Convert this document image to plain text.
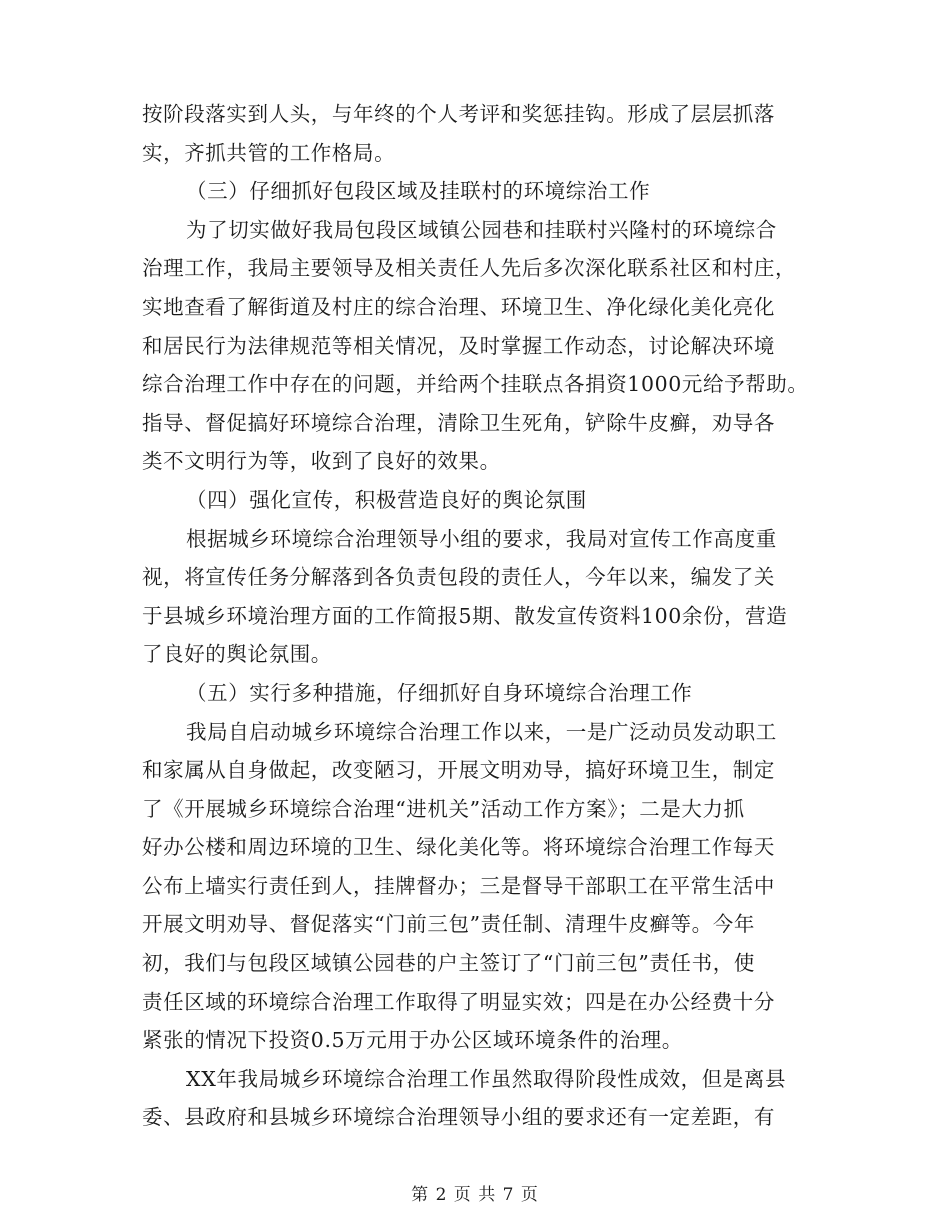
按阶段落实到人头，与年终的个人考评和奖惩挂钩。形成了层层抓落
实，齐抓共管的工作格局。
（三）仔细抓好包段区域及挂联村的环境综治工作
为了切实做好我局包段区域镇公园巷和挂联村兴隆村的环境综合
治理工作，我局主要领导及相关责任人先后多次深化联系社区和村庄，
实地查看了解街道及村庄的综合治理、环境卫生、净化绿化美化亮化
和居民行为法律规范等相关情况，及时掌握工作动态，讨论解决环境
综合治理工作中存在的问题，并给两个挂联点各捐资1000元给予帮助。
指导、督促搞好环境综合治理，清除卫生死角，铲除牛皮癣，劝导各
类不文明行为等，收到了良好的效果。
（四）强化宣传，积极营造良好的舆论氛围
根据城乡环境综合治理领导小组的要求，我局对宣传工作高度重
视，将宣传任务分解落到各负责包段的责任人，今年以来，编发了关
于县城乡环境治理方面的工作简报5期、散发宣传资料100余份，营造
了良好的舆论氛围。
（五）实行多种措施，仔细抓好自身环境综合治理工作
我局自启动城乡环境综合治理工作以来，一是广泛动员发动职工
和家属从自身做起，改变陋习，开展文明劝导，搞好环境卫生，制定
了《开展城乡环境综合治理“进机关”活动工作方案》；二是大力抓
好办公楼和周边环境的卫生、绿化美化等。将环境综合治理工作每天
公布上墙实行责任到人，挂牌督办；三是督导干部职工在平常生活中
开展文明劝导、督促落实“门前三包”责任制、清理牛皮癣等。今年
初，我们与包段区域镇公园巷的户主签订了“门前三包”责任书，使
责任区域的环境综合治理工作取得了明显实效；四是在办公经费十分
紧张的情况下投资0.5万元用于办公区域环境条件的治理。
XX年我局城乡环境综合治理工作虽然取得阶段性成效，但是离县
委、县政府和县城乡环境综合治理领导小组的要求还有一定差距，有
第 2 页 共 7 页
